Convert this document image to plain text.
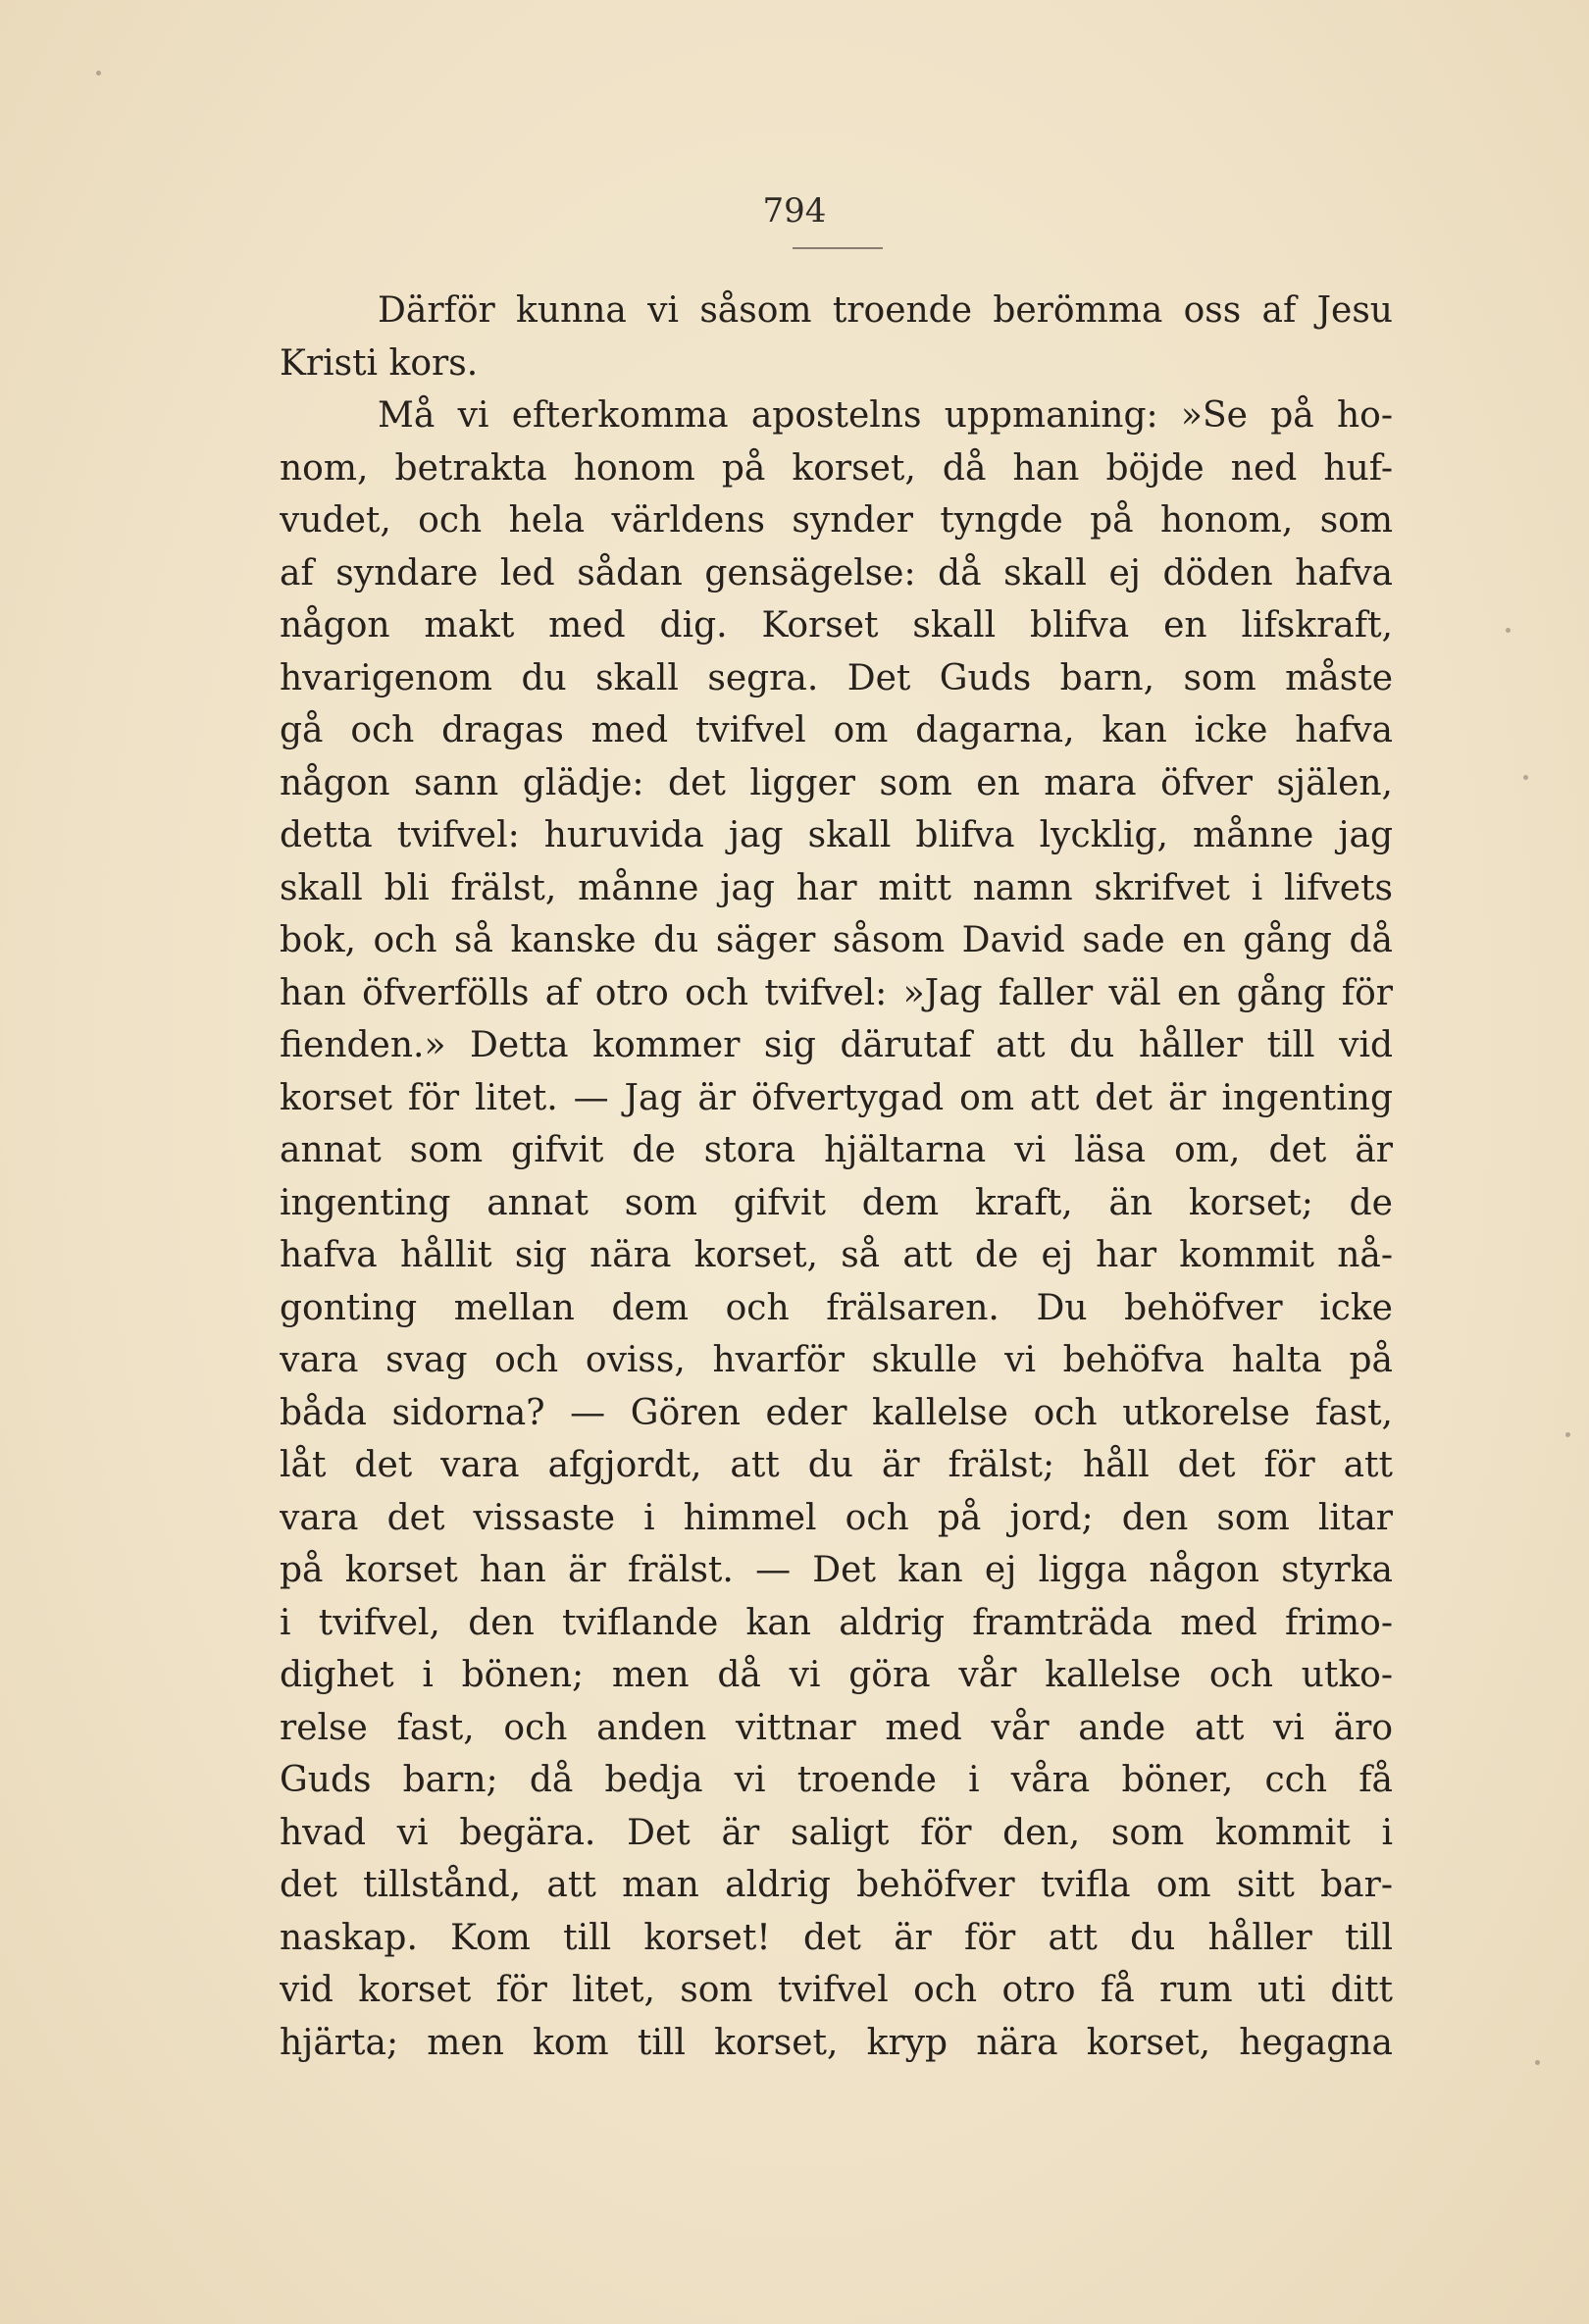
794
Därför kunna vi såsom troende berömma oss af Jesu
Kristi kors.
Må vi efterkomma apostelns uppmaning: »Se på ho-
nom, betrakta honom på korset, då han böjde ned huf-
vudet, och hela världens synder tyngde på honom, som
af syndare led sådan gensägelse: då skall ej döden hafva
någon makt med dig. Korset skall blifva en lifskraft,
hvarigenom du skall segra. Det Guds barn, som måste
gå och dragas med tvifvel om dagarna, kan icke hafva
någon sann glädje: det ligger som en mara öfver själen,
detta tvifvel: huruvida jag skall blifva lycklig, månne jag
skall bli frälst, månne jag har mitt namn skrifvet i lifvets
bok, och så kanske du säger såsom David sade en gång då
han öfverfölls af otro och tvifvel: »Jag faller väl en gång för
fienden.» Detta kommer sig därutaf att du håller till vid
korset för litet. — Jag är öfvertygad om att det är ingenting
annat som gifvit de stora hjältarna vi läsa om, det är
ingenting annat som gifvit dem kraft, än korset; de
hafva hållit sig nära korset, så att de ej har kommit nå-
gonting mellan dem och frälsaren. Du behöfver icke
vara svag och oviss, hvarför skulle vi behöfva halta på
båda sidorna? — Gören eder kallelse och utkorelse fast,
låt det vara afgjordt, att du är frälst; håll det för att
vara det vissaste i himmel och på jord; den som litar
på korset han är frälst. — Det kan ej ligga någon styrka
i tvifvel, den tviflande kan aldrig framträda med frimo-
dighet i bönen; men då vi göra vår kallelse och utko-
relse fast, och anden vittnar med vår ande att vi äro
Guds barn; då bedja vi troende i våra böner, cch få
hvad vi begära. Det är saligt för den, som kommit i
det tillstånd, att man aldrig behöfver tvifla om sitt bar-
naskap. Kom till korset! det är för att du håller till
vid korset för litet, som tvifvel och otro få rum uti ditt
hjärta; men kom till korset, kryp nära korset, hegagna
